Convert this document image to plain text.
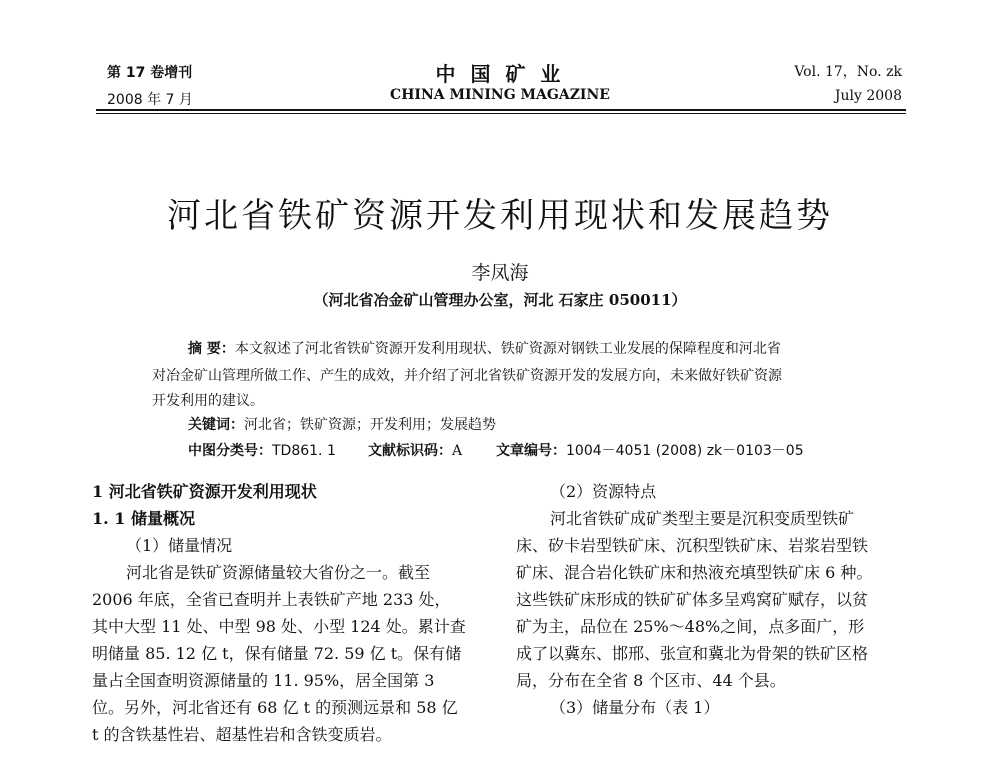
第 17 卷增刊
2008 年 7 月
中 国 矿 业
CHINA MINING MAGAZINE
Vol. 17，No. zk
July 2008
河北省铁矿资源开发利用现状和发展趋势
李凤海
（河北省冶金矿山管理办公室，河北 石家庄 050011）
摘 要：本文叙述了河北省铁矿资源开发利用现状、铁矿资源对钢铁工业发展的保障程度和河北省
对冶金矿山管理所做工作、产生的成效，并介绍了河北省铁矿资源开发的发展方向，未来做好铁矿资源
开发利用的建议。
关键词：河北省；铁矿资源；开发利用；发展趋势
中图分类号：TD861. 1 文献标识码：A 文章编号：1004－4051 (2008) zk－0103－05
1 河北省铁矿资源开发利用现状
1. 1 储量概况
（1）储量情况
河北省是铁矿资源储量较大省份之一。截至
2006 年底，全省已查明并上表铁矿产地 233 处，
其中大型 11 处、中型 98 处、小型 124 处。累计查
明储量 85. 12 亿 t，保有储量 72. 59 亿 t。保有储
量占全国查明资源储量的 11. 95%，居全国第 3
位。另外，河北省还有 68 亿 t 的预测远景和 58 亿
t 的含铁基性岩、超基性岩和含铁变质岩。
（2）资源特点
河北省铁矿成矿类型主要是沉积变质型铁矿
床、矽卡岩型铁矿床、沉积型铁矿床、岩浆岩型铁
矿床、混合岩化铁矿床和热液充填型铁矿床 6 种。
这些铁矿床形成的铁矿矿体多呈鸡窝矿赋存，以贫
矿为主，品位在 25%～48%之间，点多面广，形
成了以冀东、邯邢、张宣和冀北为骨架的铁矿区格
局，分布在全省 8 个区市、44 个县。
（3）储量分布（表 1）
